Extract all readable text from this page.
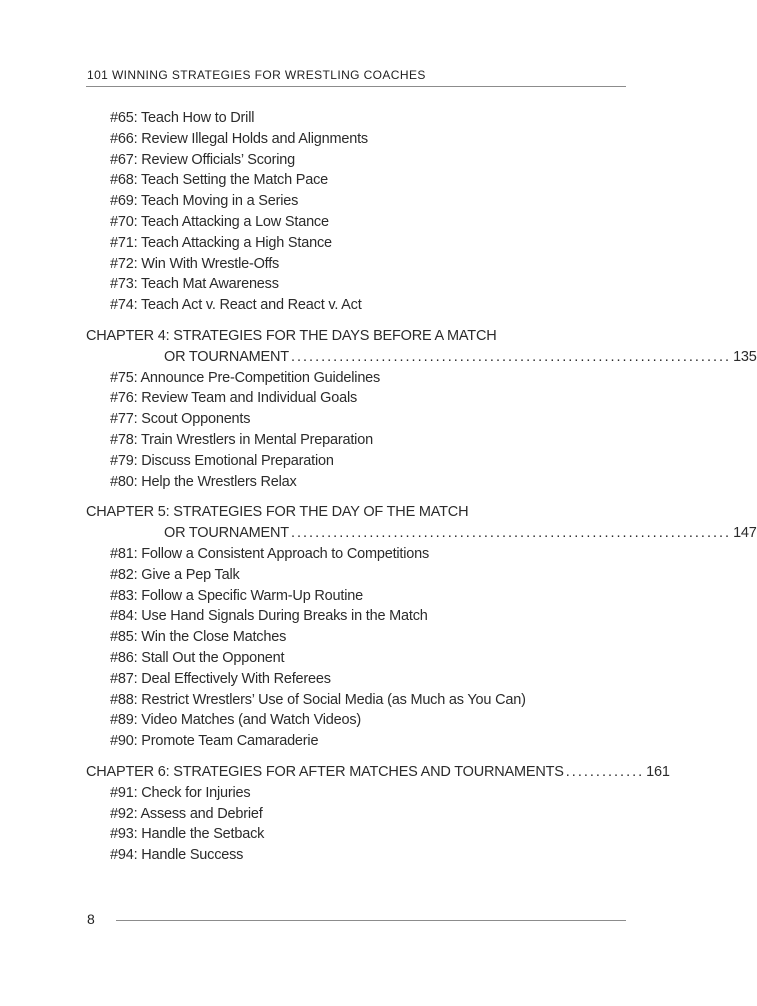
101 WINNING STRATEGIES FOR WRESTLING COACHES
#65: Teach How to Drill
#66: Review Illegal Holds and Alignments
#67: Review Officials’ Scoring
#68: Teach Setting the Match Pace
#69: Teach Moving in a Series
#70: Teach Attacking a Low Stance
#71: Teach Attacking a High Stance
#72: Win With Wrestle-Offs
#73: Teach Mat Awareness
#74: Teach Act v. React and React v. Act
CHAPTER 4: STRATEGIES FOR THE DAYS BEFORE A MATCH
OR TOURNAMENT ......................................................................... 135
#75: Announce Pre-Competition Guidelines
#76: Review Team and Individual Goals
#77: Scout Opponents
#78: Train Wrestlers in Mental Preparation
#79: Discuss Emotional Preparation
#80: Help the Wrestlers Relax
CHAPTER 5: STRATEGIES FOR THE DAY OF THE MATCH
OR TOURNAMENT ......................................................................... 147
#81: Follow a Consistent Approach to Competitions
#82: Give a Pep Talk
#83: Follow a Specific Warm-Up Routine
#84: Use Hand Signals During Breaks in the Match
#85: Win the Close Matches
#86: Stall Out the Opponent
#87: Deal Effectively With Referees
#88: Restrict Wrestlers’ Use of Social Media (as Much as You Can)
#89: Video Matches (and Watch Videos)
#90: Promote Team Camaraderie
CHAPTER 6: STRATEGIES FOR AFTER MATCHES AND TOURNAMENTS ............. 161
#91: Check for Injuries
#92: Assess and Debrief
#93: Handle the Setback
#94: Handle Success
8
